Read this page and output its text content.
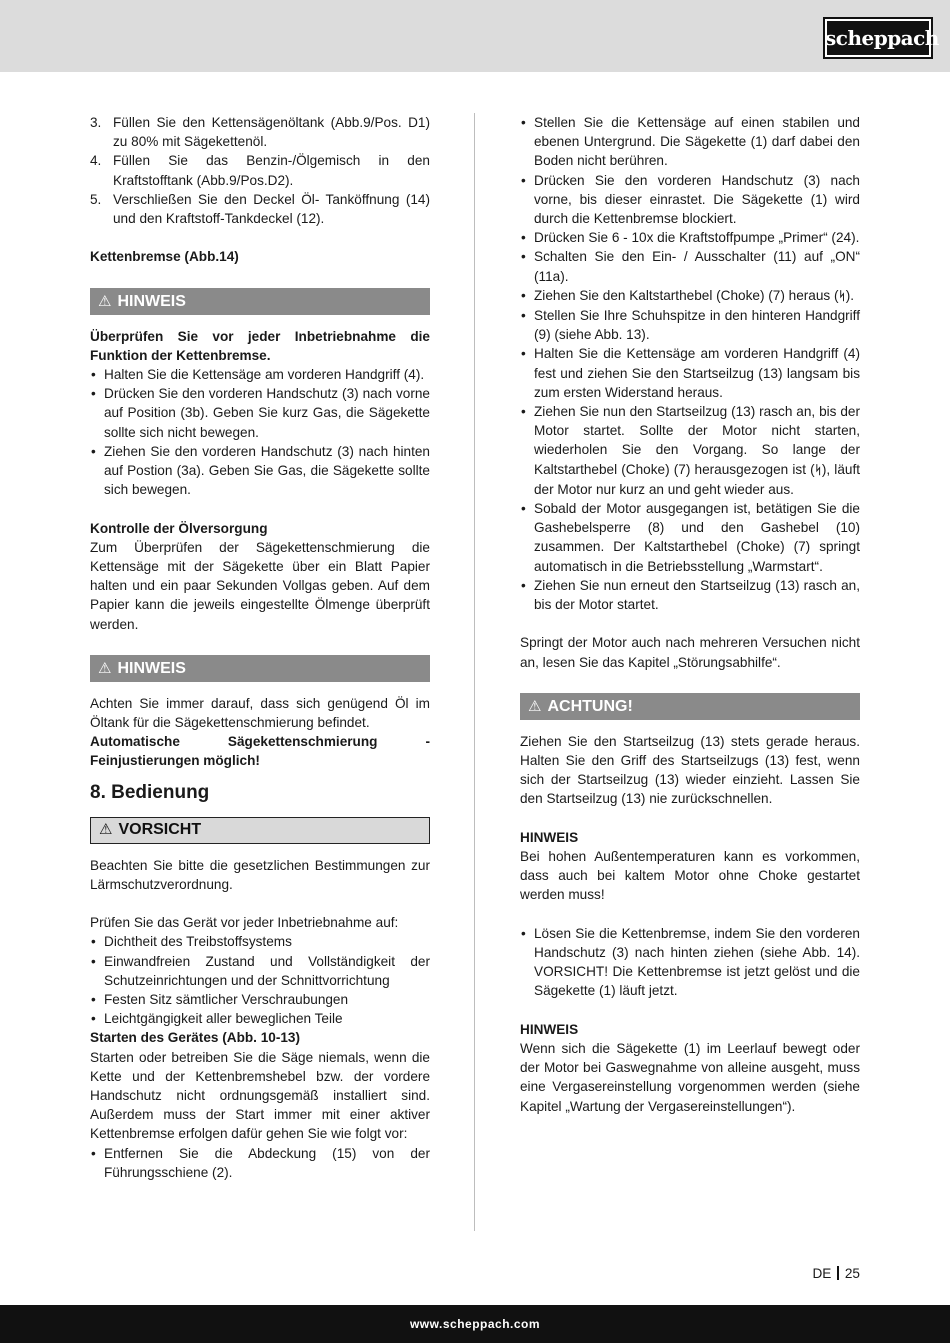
scheppach
3. Füllen Sie den Kettensägenöltank (Abb.9/Pos. D1) zu 80% mit Sägekettenöl.
4. Füllen Sie das Benzin-/Ölgemisch in den Kraftstofftank (Abb.9/Pos.D2).
5. Verschließen Sie den Deckel Öl- Tanköffnung (14) und den Kraftstoff-Tankdeckel (12).

Kettenbremse (Abb.14)

⚠ HINWEIS

Überprüfen Sie vor jeder Inbetriebnahme die Funktion der Kettenbremse.

• Halten Sie die Kettensäge am vorderen Handgriff (4).
• Drücken Sie den vorderen Handschutz (3) nach vorne auf Position (3b). Geben Sie kurz Gas, die Sägekette sollte sich nicht bewegen.
• Ziehen Sie den vorderen Handschutz (3) nach hinten auf Postion (3a). Geben Sie Gas, die Sägekette sollte sich bewegen.

Kontrolle der Ölversorgung

Zum Überprüfen der Sägekettenschmierung die Kettensäge mit der Sägekette über ein Blatt Papier halten und ein paar Sekunden Vollgas geben. Auf dem Papier kann die jeweils eingestellte Ölmenge überprüft werden.

⚠ HINWEIS

Achten Sie immer darauf, dass sich genügend Öl im Öltank für die Sägekettenschmierung befindet.

Automatische Sägekettenschmierung - Feinjustierungen möglich!

8. Bedienung
⚠ VORSICHT

Beachten Sie bitte die gesetzlichen Bestimmungen zur Lärmschutzverordnung.

Prüfen Sie das Gerät vor jeder Inbetriebnahme auf:

• Dichtheit des Treibstoffsystems
• Einwandfreien Zustand und Vollständigkeit der Schutzeinrichtungen und der Schnittvorrichtung
• Festen Sitz sämtlicher Verschraubungen
• Leichtgängigkeit aller beweglichen Teile

Starten des Gerätes (Abb. 10-13)

Starten oder betreiben Sie die Säge niemals, wenn die Kette und der Kettenbremshebel bzw. der vordere Handschutz nicht ordnungsgemäß installiert sind. Außerdem muss der Start immer mit einer aktiver Kettenbremse erfolgen dafür gehen Sie wie folgt vor:

• Entfernen Sie die Abdeckung (15) von der Führungsschiene (2).
• Stellen Sie die Kettensäge auf einen stabilen und ebenen Untergrund. Die Sägekette (1) darf dabei den Boden nicht berühren.
• Drücken Sie den vorderen Handschutz (3) nach vorne, bis dieser einrastet. Die Sägekette (1) wird durch die Kettenbremse blockiert.
• Drücken Sie 6 - 10x die Kraftstoffpumpe „Primer“ (24).
• Schalten Sie den Ein- / Ausschalter (11) auf „ON“ (11a).
• Ziehen Sie den Kaltstarthebel (Choke) (7) heraus (ᛋ).
• Stellen Sie Ihre Schuhspitze in den hinteren Handgriff (9) (siehe Abb. 13).
• Halten Sie die Kettensäge am vorderen Handgriff (4) fest und ziehen Sie den Startseilzug (13) langsam bis zum ersten Widerstand heraus.
• Ziehen Sie nun den Startseilzug (13) rasch an, bis der Motor startet. Sollte der Motor nicht starten, wiederholen Sie den Vorgang. So lange der Kaltstarthebel (Choke) (7) herausgezogen ist (ᛋ), läuft der Motor nur kurz an und geht wieder aus.
• Sobald der Motor ausgegangen ist, betätigen Sie die Gashebelsperre (8) und den Gashebel (10) zusammen. Der Kaltstarthebel (Choke) (7) springt automatisch in die Betriebsstellung „Warmstart“.
• Ziehen Sie nun erneut den Startseilzug (13) rasch an, bis der Motor startet.

Springt der Motor auch nach mehreren Versuchen nicht an, lesen Sie das Kapitel „Störungsabhilfe“.

⚠ ACHTUNG!

Ziehen Sie den Startseilzug (13) stets gerade heraus. Halten Sie den Griff des Startseilzugs (13) fest, wenn sich der Startseilzug (13) wieder einzieht. Lassen Sie den Startseilzug (13) nie zurückschnellen.

HINWEIS

Bei hohen Außentemperaturen kann es vorkommen, dass auch bei kaltem Motor ohne Choke gestartet werden muss!

• Lösen Sie die Kettenbremse, indem Sie den vorderen Handschutz (3) nach hinten ziehen (siehe Abb. 14). VORSICHT! Die Kettenbremse ist jetzt gelöst und die Sägekette (1) läuft jetzt.

HINWEIS

Wenn sich die Sägekette (1) im Leerlauf bewegt oder der Motor bei Gaswegnahme von alleine ausgeht, muss eine Vergasereinstellung vorgenommen werden (siehe Kapitel „Wartung der Vergasereinstellungen“).

DE 25
www.scheppach.com
